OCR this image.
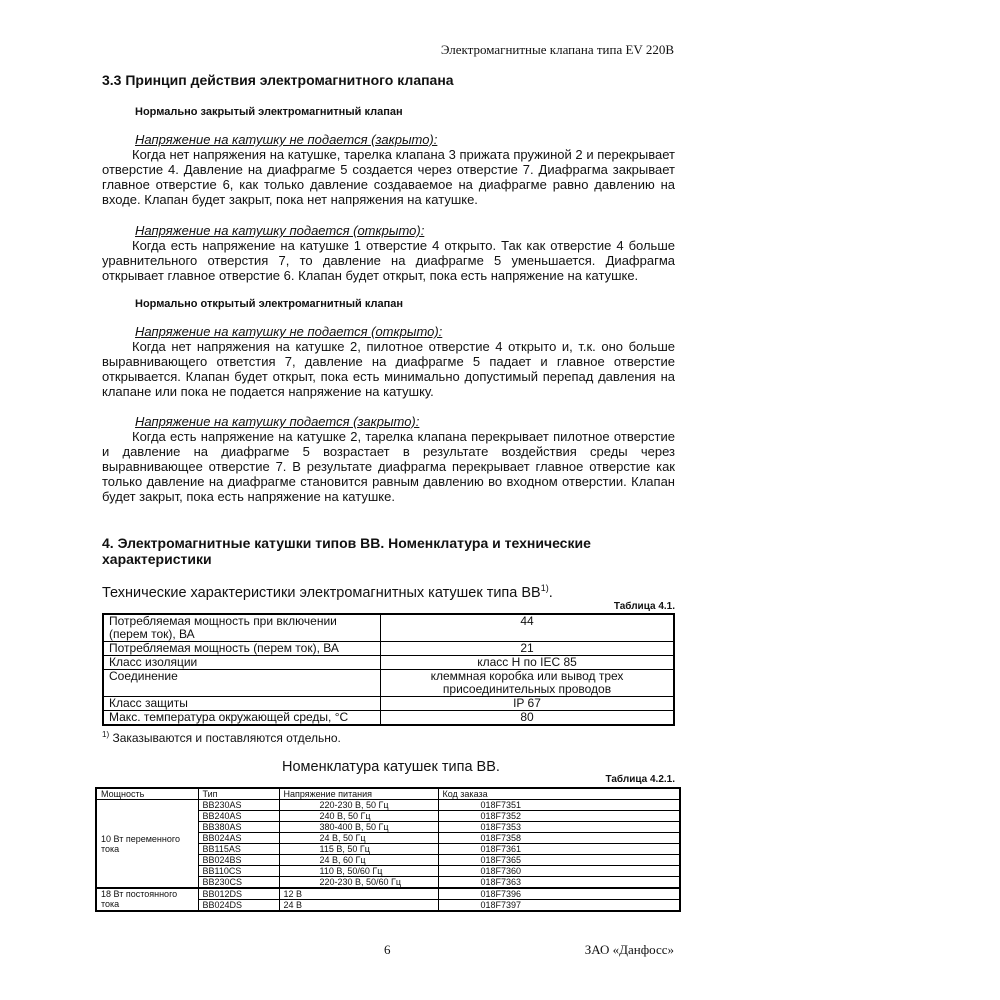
Электромагнитные клапана типа EV 220B
3.3 Принцип действия электромагнитного клапана
Нормально закрытый электромагнитный клапан
Напряжение на катушку не подается (закрыто):

Когда нет напряжения на катушке, тарелка клапана 3 прижата пружиной 2 и перекрывает отверстие 4. Давление на диафрагме 5 создается через отверстие 7. Диафрагма закрывает главное отверстие 6, как только давление создаваемое на диафрагме равно давлению на входе. Клапан будет закрыт, пока нет напряжения на катушке.

Напряжение на катушку подается (открыто):

Когда есть напряжение на катушке 1 отверстие 4 открыто. Так как отверстие 4 больше уравнительного отверстия 7, то давление на диафрагме 5 уменьшается. Диафрагма открывает главное отверстие 6. Клапан будет открыт, пока есть напряжение на катушке.

Нормально открытый электромагнитный клапан
Напряжение на катушку не подается (открыто):

Когда нет напряжения на катушке 2, пилотное отверстие 4 открыто и, т.к. оно больше выравнивающего ответстия 7, давление на диафрагме 5 падает и главное отверстие открывается. Клапан будет открыт, пока есть минимально допустимый перепад давления на клапане или пока не подается напряжение на катушку.

Напряжение на катушку подается (закрыто):

Когда есть напряжение на катушке 2, тарелка клапана перекрывает пилотное отверстие и давление на диафрагме 5 возрастает в результате воздействия среды через выравнивающее отверстие 7. В результате диафрагма перекрывает главное отверстие как только давление на диафрагме становится равным давлению во входном отверстии. Клапан будет закрыт, пока есть напряжение на катушке.

4. Электромагнитные катушки типов BB. Номенклатура и технические характеристики
Технические характеристики электромагнитных катушек типа BB$^{1)}$.
Таблица 4.1.
Потребляемая мощность при включении (перем ток), ВА	44
Потребляемая мощность (перем ток), ВА	21
Класс изоляции	класс H по IEC 85
Соединение	клеммная коробка или вывод трех присоединительных проводов
Класс защиты	IP 67
Макс. температура окружающей среды, °C	80
$^{1)}$ Заказываются и поставляются отдельно.
Номенклатура катушек типа BB.
Таблица 4.2.1.
Мощность	Тип	Напряжение питания	Код заказа
10 Вт переменного тока	BB230AS	220-230 В, 50 Гц	018F7351
	BB240AS	240 В, 50 Гц	018F7352
	BB380AS	380-400 В, 50 Гц	018F7353
	BB024AS	24 В, 50 Гц	018F7358
	BB115AS	115 В, 50 Гц	018F7361
	BB024BS	24 В, 60 Гц	018F7365
	BB110CS	110 В, 50/60 Гц	018F7360
	BB230CS	220-230 В, 50/60 Гц	018F7363
18 Вт постоянного тока	BB012DS	12 В	018F7396
	BB024DS	24 В	018F7397
6	ЗАО «Данфосс»
